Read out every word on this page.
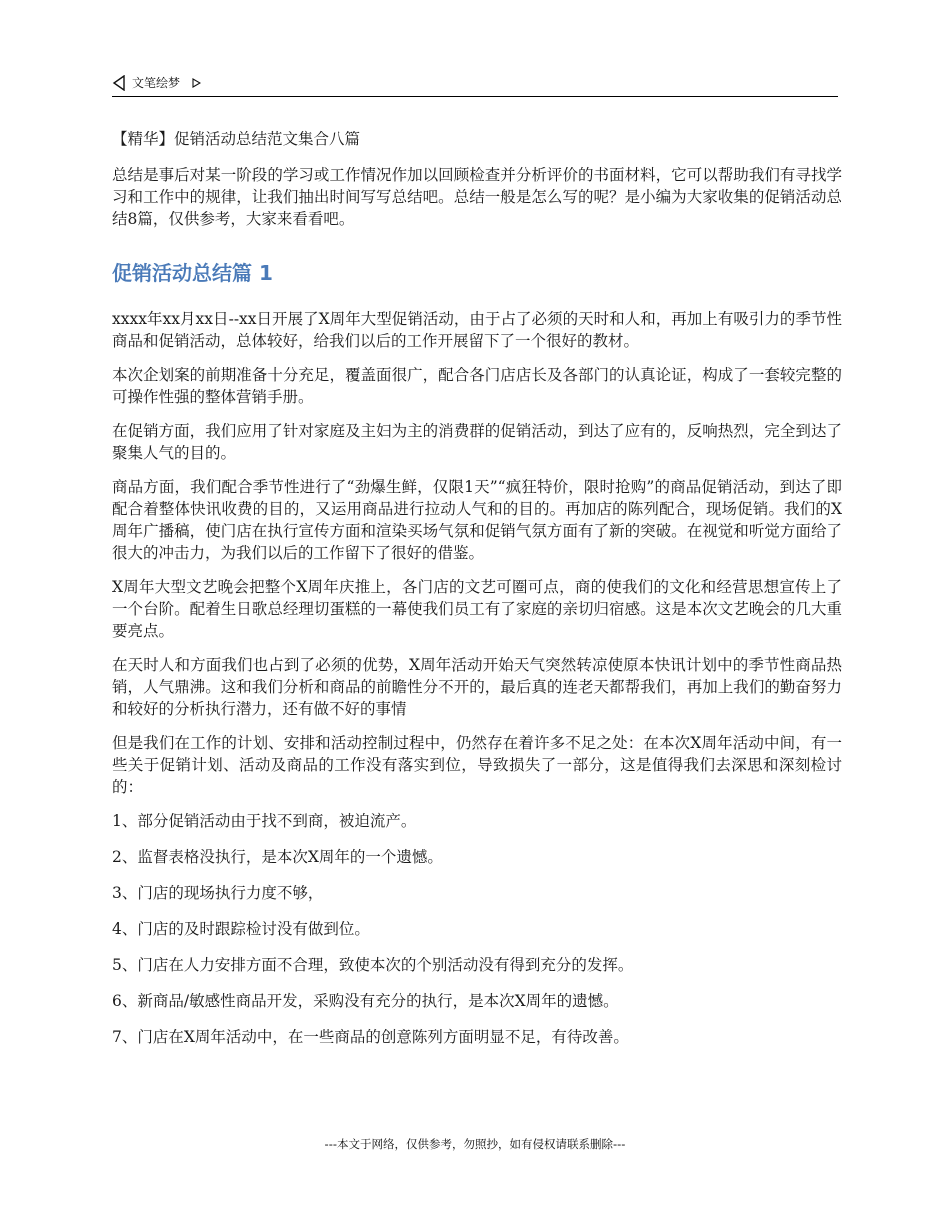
文笔绘梦
【精华】促销活动总结范文集合八篇

总结是事后对某一阶段的学习或工作情况作加以回顾检查并分析评价的书面材料，它可以帮助我们有寻找学习和工作中的规律，让我们抽出时间写写总结吧。总结一般是怎么写的呢？是小编为大家收集的促销活动总结8篇，仅供参考，大家来看看吧。

促销活动总结篇 1

xxxx年xx月xx日--xx日开展了X周年大型促销活动，由于占了必须的天时和人和，再加上有吸引力的季节性商品和促销活动，总体较好，给我们以后的工作开展留下了一个很好的教材。

本次企划案的前期准备十分充足，覆盖面很广，配合各门店店长及各部门的认真论证，构成了一套较完整的可操作性强的整体营销手册。

在促销方面，我们应用了针对家庭及主妇为主的消费群的促销活动，到达了应有的，反响热烈，完全到达了聚集人气的目的。

商品方面，我们配合季节性进行了“劲爆生鲜，仅限1天”“疯狂特价，限时抢购”的商品促销活动，到达了即配合着整体快讯收费的目的，又运用商品进行拉动人气和的目的。再加店的陈列配合，现场促销。我们的X周年广播稿，使门店在执行宣传方面和渲染买场气氛和促销气氛方面有了新的突破。在视觉和听觉方面给了很大的冲击力，为我们以后的工作留下了很好的借鉴。

X周年大型文艺晚会把整个X周年庆推上，各门店的文艺可圈可点，商的使我们的文化和经营思想宣传上了一个台阶。配着生日歌总经理切蛋糕的一幕使我们员工有了家庭的亲切归宿感。这是本次文艺晚会的几大重要亮点。

在天时人和方面我们也占到了必须的优势，X周年活动开始天气突然转凉使原本快讯计划中的季节性商品热销，人气鼎沸。这和我们分析和商品的前瞻性分不开的，最后真的连老天都帮我们，再加上我们的勤奋努力和较好的分析执行潜力，还有做不好的事情

但是我们在工作的计划、安排和活动控制过程中，仍然存在着许多不足之处：在本次X周年活动中间，有一些关于促销计划、活动及商品的工作没有落实到位，导致损失了一部分，这是值得我们去深思和深刻检讨的：

1、部分促销活动由于找不到商，被迫流产。
2、监督表格没执行，是本次X周年的一个遗憾。
3、门店的现场执行力度不够，
4、门店的及时跟踪检讨没有做到位。
5、门店在人力安排方面不合理，致使本次的个别活动没有得到充分的发挥。
6、新商品/敏感性商品开发，采购没有充分的执行，是本次X周年的遗憾。
7、门店在X周年活动中，在一些商品的创意陈列方面明显不足，有待改善。
---本文于网络，仅供参考，勿照抄，如有侵权请联系删除---
